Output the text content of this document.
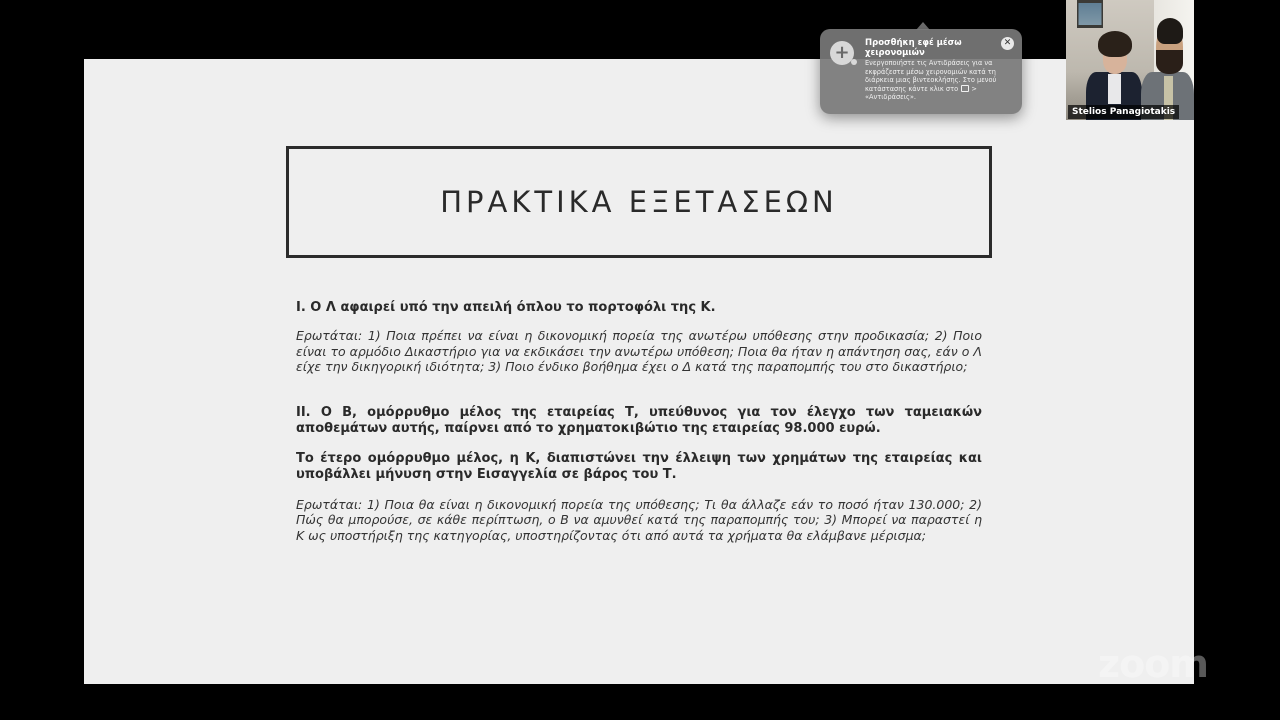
ΠΡΑΚΤΙΚΑ ΕΞΕΤΑΣΕΩΝ

I. Ο Λ αφαιρεί υπό την απειλή όπλου το πορτοφόλι της Κ.

Ερωτάται: 1) Ποια πρέπει να είναι η δικονομική πορεία της ανωτέρω υπόθεσης στην προδικασία; 2) Ποιο είναι το αρμόδιο Δικαστήριο για να εκδικάσει την ανωτέρω υπόθεση; Ποια θα ήταν η απάντηση σας, εάν ο Λ είχε την δικηγορική ιδιότητα; 3) Ποιο ένδικο βοήθημα έχει ο Δ κατά της παραπομπής του στο δικαστήριο;

II. Ο Β, ομόρρυθμο μέλος της εταιρείας Τ, υπεύθυνος για τον έλεγχο των ταμειακών αποθεμάτων αυτής, παίρνει από το χρηματοκιβώτιο της εταιρείας 98.000 ευρώ.

Το έτερο ομόρρυθμο μέλος, η Κ, διαπιστώνει την έλλειψη των χρημάτων της εταιρείας και υποβάλλει μήνυση στην Εισαγγελία σε βάρος του Τ.

Ερωτάται: 1) Ποια θα είναι η δικονομική πορεία της υπόθεσης; Τι θα άλλαζε εάν το ποσό ήταν 130.000; 2) Πώς θα μπορούσε, σε κάθε περίπτωση, ο Β να αμυνθεί κατά της παραπομπής του; 3) Μπορεί να παραστεί η Κ ως υποστήριξη της κατηγορίας, υποστηρίζοντας ότι από αυτά τα χρήματα θα ελάμβανε μέρισμα;

+	✕
Προσθήκη εφέ μέσω χειρονομιών
Ενεργοποιήστε τις Αντιδράσεις για να εκφράζεστε μέσω χειρονομιών κατά τη διάρκεια μιας βιντεοκλήσης. Στο μενού κατάστασης κάντε κλικ στο > «Αντιδράσεις».
Stelios Panagiotakis
zoom
